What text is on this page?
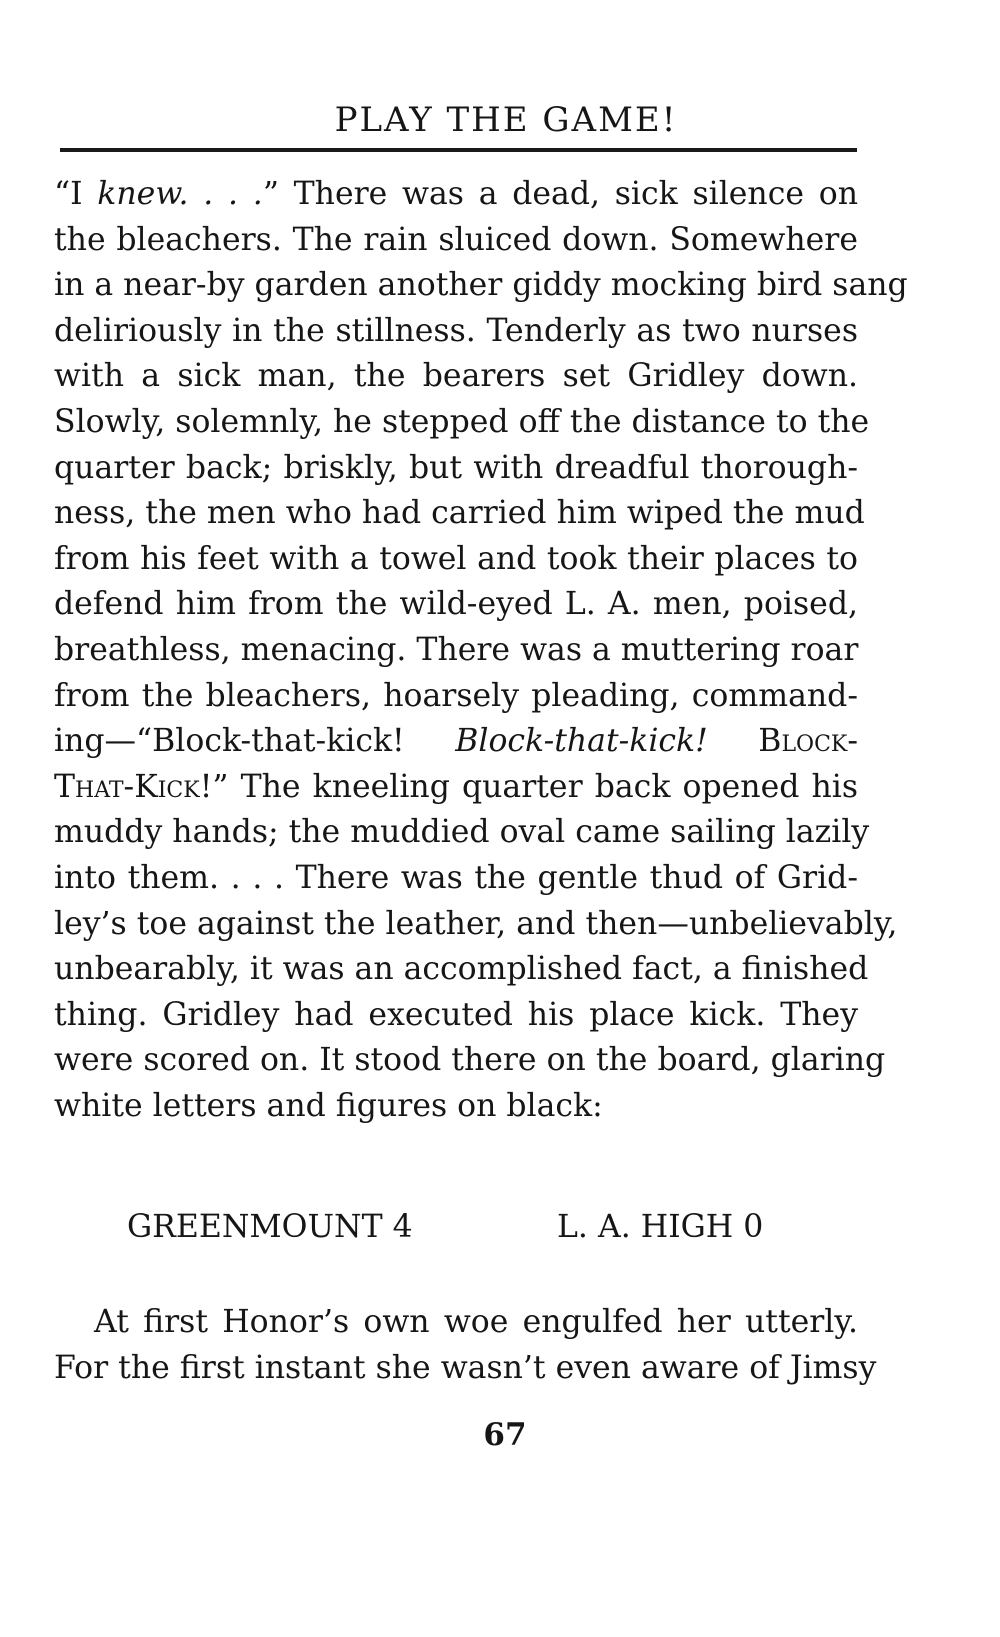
PLAY THE GAME!
“I knew. . . .” There was a dead, sick silence on
the bleachers. The rain sluiced down. Somewhere
in a near-by garden another giddy mocking bird sang
deliriously in the stillness. Tenderly as two nurses
with a sick man, the bearers set Gridley down.
Slowly, solemnly, he stepped off the distance to the
quarter back; briskly, but with dreadful thorough-
ness, the men who had carried him wiped the mud
from his feet with a towel and took their places to
defend him from the wild-eyed L. A. men, poised,
breathless, menacing. There was a muttering roar
from the bleachers, hoarsely pleading, command-
ing—“Block-that-kick! Block-that-kick! Block-
That-Kick!” The kneeling quarter back opened his
muddy hands; the muddied oval came sailing lazily
into them. . . . There was the gentle thud of Grid-
ley’s toe against the leather, and then—unbelievably,
unbearably, it was an accomplished fact, a finished
thing. Gridley had executed his place kick. They
were scored on. It stood there on the board, glaring
white letters and figures on black:
GREENMOUNT 4	L. A. HIGH 0
At first Honor’s own woe engulfed her utterly.
For the first instant she wasn’t even aware of Jimsy
67
